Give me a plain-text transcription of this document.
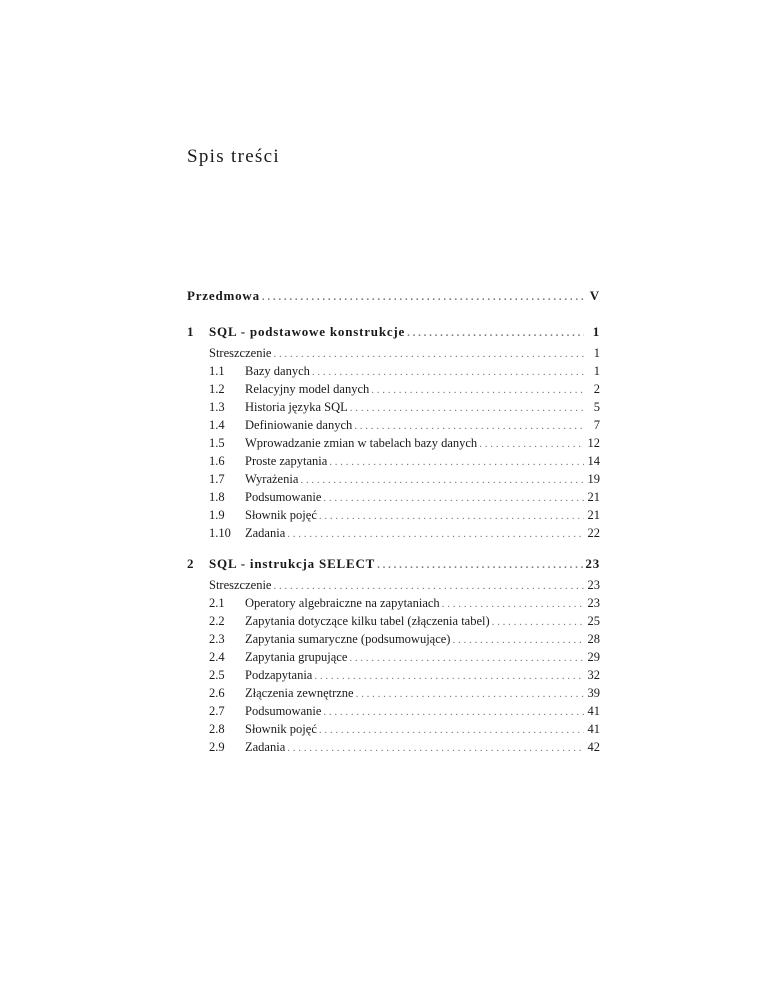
Spis treści
Przedmowa . . .	V
1	SQL - podstawowe konstrukcje . . .	1
Streszczenie . . .	1
1.1	Bazy danych . . .	1
1.2	Relacyjny model danych . . .	2
1.3	Historia języka SQL . . .	5
1.4	Definiowanie danych . . .	7
1.5	Wprowadzanie zmian w tabelach bazy danych . . .	12
1.6	Proste zapytania . . .	14
1.7	Wyrażenia . . .	19
1.8	Podsumowanie . . .	21
1.9	Słownik pojęć . . .	21
1.10	Zadania . . .	22
2	SQL - instrukcja SELECT . . .	23
Streszczenie . . .	23
2.1	Operatory algebraiczne na zapytaniach . . .	23
2.2	Zapytania dotyczące kilku tabel (złączenia tabel) . . .	25
2.3	Zapytania sumaryczne (podsumowujące) . . .	28
2.4	Zapytania grupujące . . .	29
2.5	Podzapytania . . .	32
2.6	Złączenia zewnętrzne . . .	39
2.7	Podsumowanie . . .	41
2.8	Słownik pojęć . . .	41
2.9	Zadania . . .	42
